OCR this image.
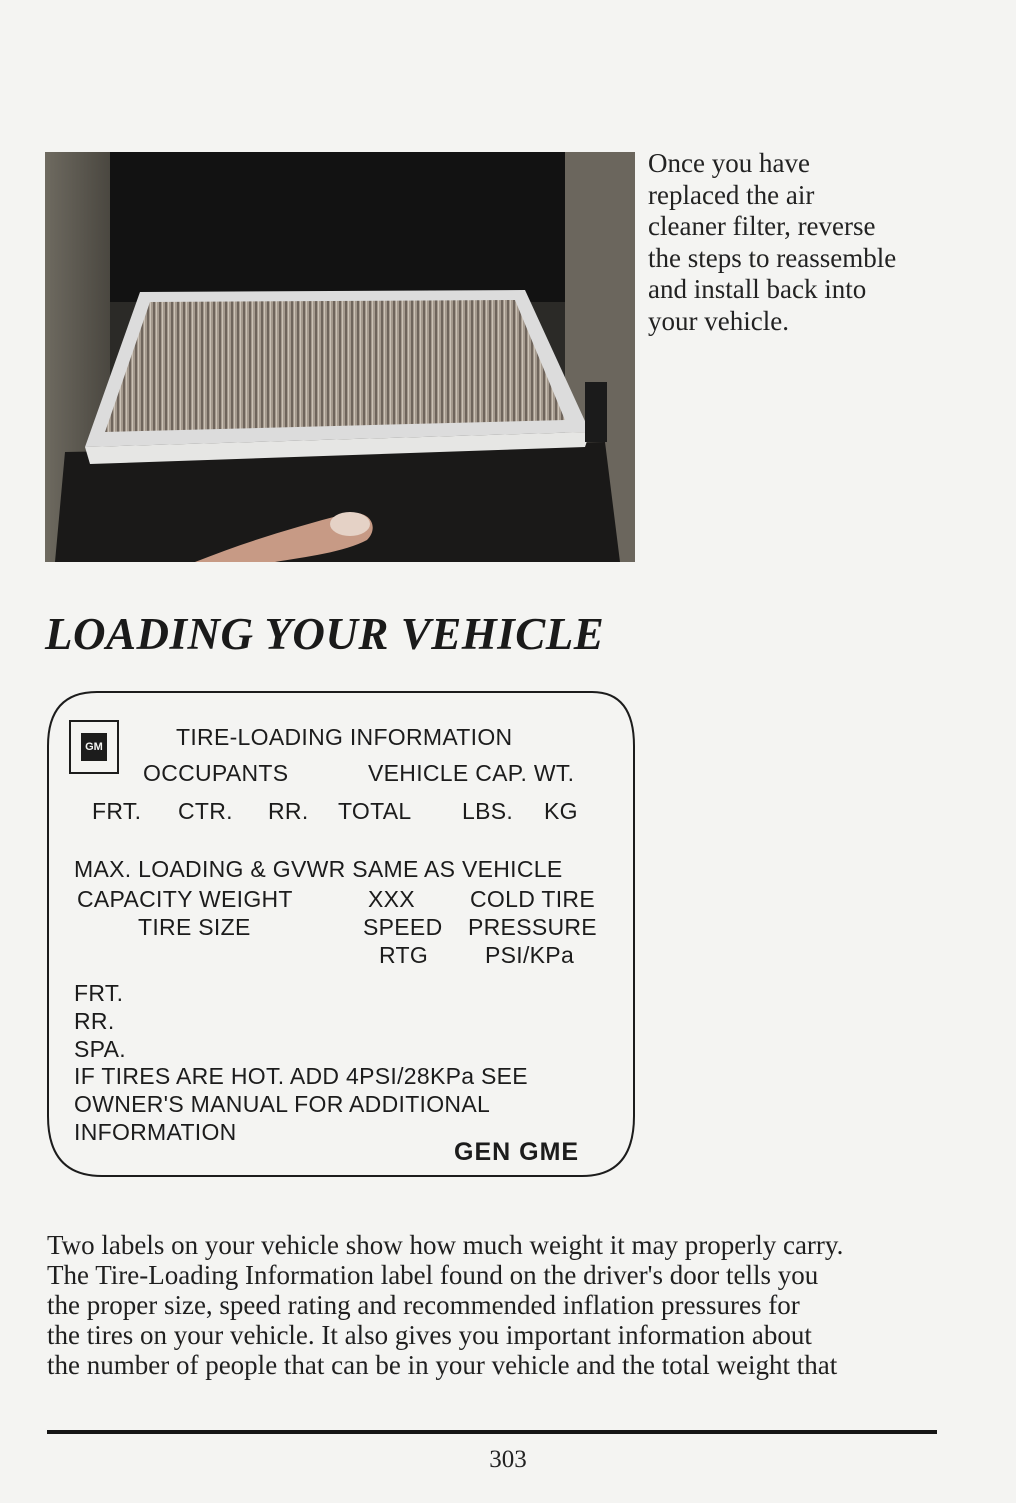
Once you have
replaced the air
cleaner filter, reverse
the steps to reassemble
and install back into
your vehicle.
LOADING YOUR VEHICLE
GM	TIRE-LOADING INFORMATION
OCCUPANTS	VEHICLE CAP. WT.
FRT. CTR. RR. TOTAL LBS. KG
MAX. LOADING & GVWR SAME AS VEHICLE
CAPACITY WEIGHT	XXX COLD TIRE
TIRE SIZE	SPEED PRESSURE
RTG PSI/KPa
FRT.
RR.
SPA.
IF TIRES ARE HOT. ADD 4PSI/28KPa SEE
OWNER'S MANUAL FOR ADDITIONAL
INFORMATION
GEN GME
Two labels on your vehicle show how much weight it may properly carry.
The Tire-Loading Information label found on the driver's door tells you
the proper size, speed rating and recommended inflation pressures for
the tires on your vehicle. It also gives you important information about
the number of people that can be in your vehicle and the total weight that
303
